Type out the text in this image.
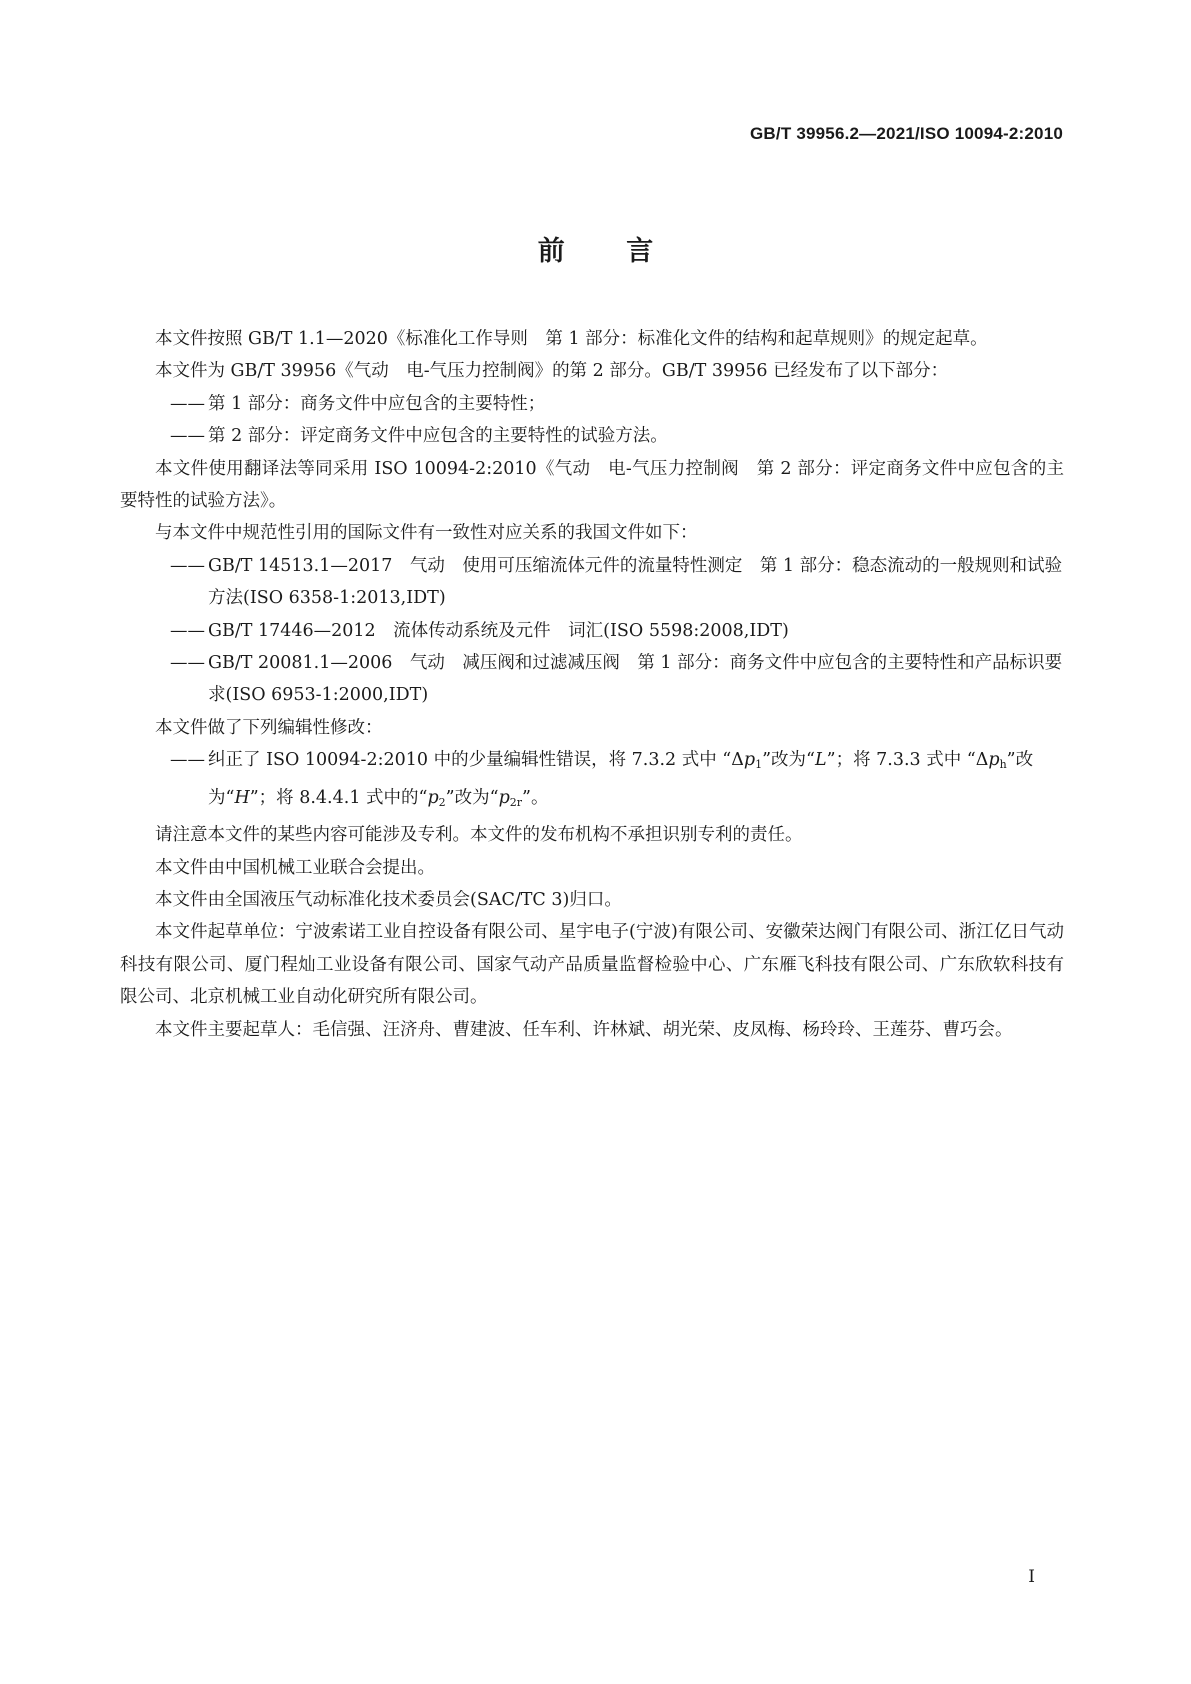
GB/T 39956.2—2021/ISO 10094-2:2010
前 言

本文件按照 GB/T 1.1—2020《标准化工作导则　第 1 部分：标准化文件的结构和起草规则》的规定起草。

本文件为 GB/T 39956《气动　电-气压力控制阀》的第 2 部分。GB/T 39956 已经发布了以下部分：

—— 第 1 部分：商务文件中应包含的主要特性；
—— 第 2 部分：评定商务文件中应包含的主要特性的试验方法。

本文件使用翻译法等同采用 ISO 10094-2:2010《气动　电-气压力控制阀　第 2 部分：评定商务文件中应包含的主要特性的试验方法》。

与本文件中规范性引用的国际文件有一致性对应关系的我国文件如下：

—— GB/T 14513.1—2017　气动　使用可压缩流体元件的流量特性测定　第 1 部分：稳态流动的一般规则和试验方法(ISO 6358-1:2013,IDT)
—— GB/T 17446—2012　流体传动系统及元件　词汇(ISO 5598:2008,IDT)
—— GB/T 20081.1—2006　气动　减压阀和过滤减压阀　第 1 部分：商务文件中应包含的主要特性和产品标识要求(ISO 6953-1:2000,IDT)

本文件做了下列编辑性修改：

—— 纠正了 ISO 10094-2:2010 中的少量编辑性错误，将 7.3.2 式中 “$\Delta p_1$”改为“L”；将 7.3.3 式中 “$\Delta p_h$”改为“H”；将 8.4.4.1 式中的“$p_2$”改为“$p_{2r}$”。

请注意本文件的某些内容可能涉及专利。本文件的发布机构不承担识别专利的责任。

本文件由中国机械工业联合会提出。

本文件由全国液压气动标准化技术委员会(SAC/TC 3)归口。

本文件起草单位：宁波索诺工业自控设备有限公司、星宇电子(宁波)有限公司、安徽荣达阀门有限公司、浙江亿日气动科技有限公司、厦门程灿工业设备有限公司、国家气动产品质量监督检验中心、广东雁飞科技有限公司、广东欣软科技有限公司、北京机械工业自动化研究所有限公司。

本文件主要起草人：毛信强、汪济舟、曹建波、任车利、许林斌、胡光荣、皮凤梅、杨玲玲、王莲芬、曹巧会。

I
